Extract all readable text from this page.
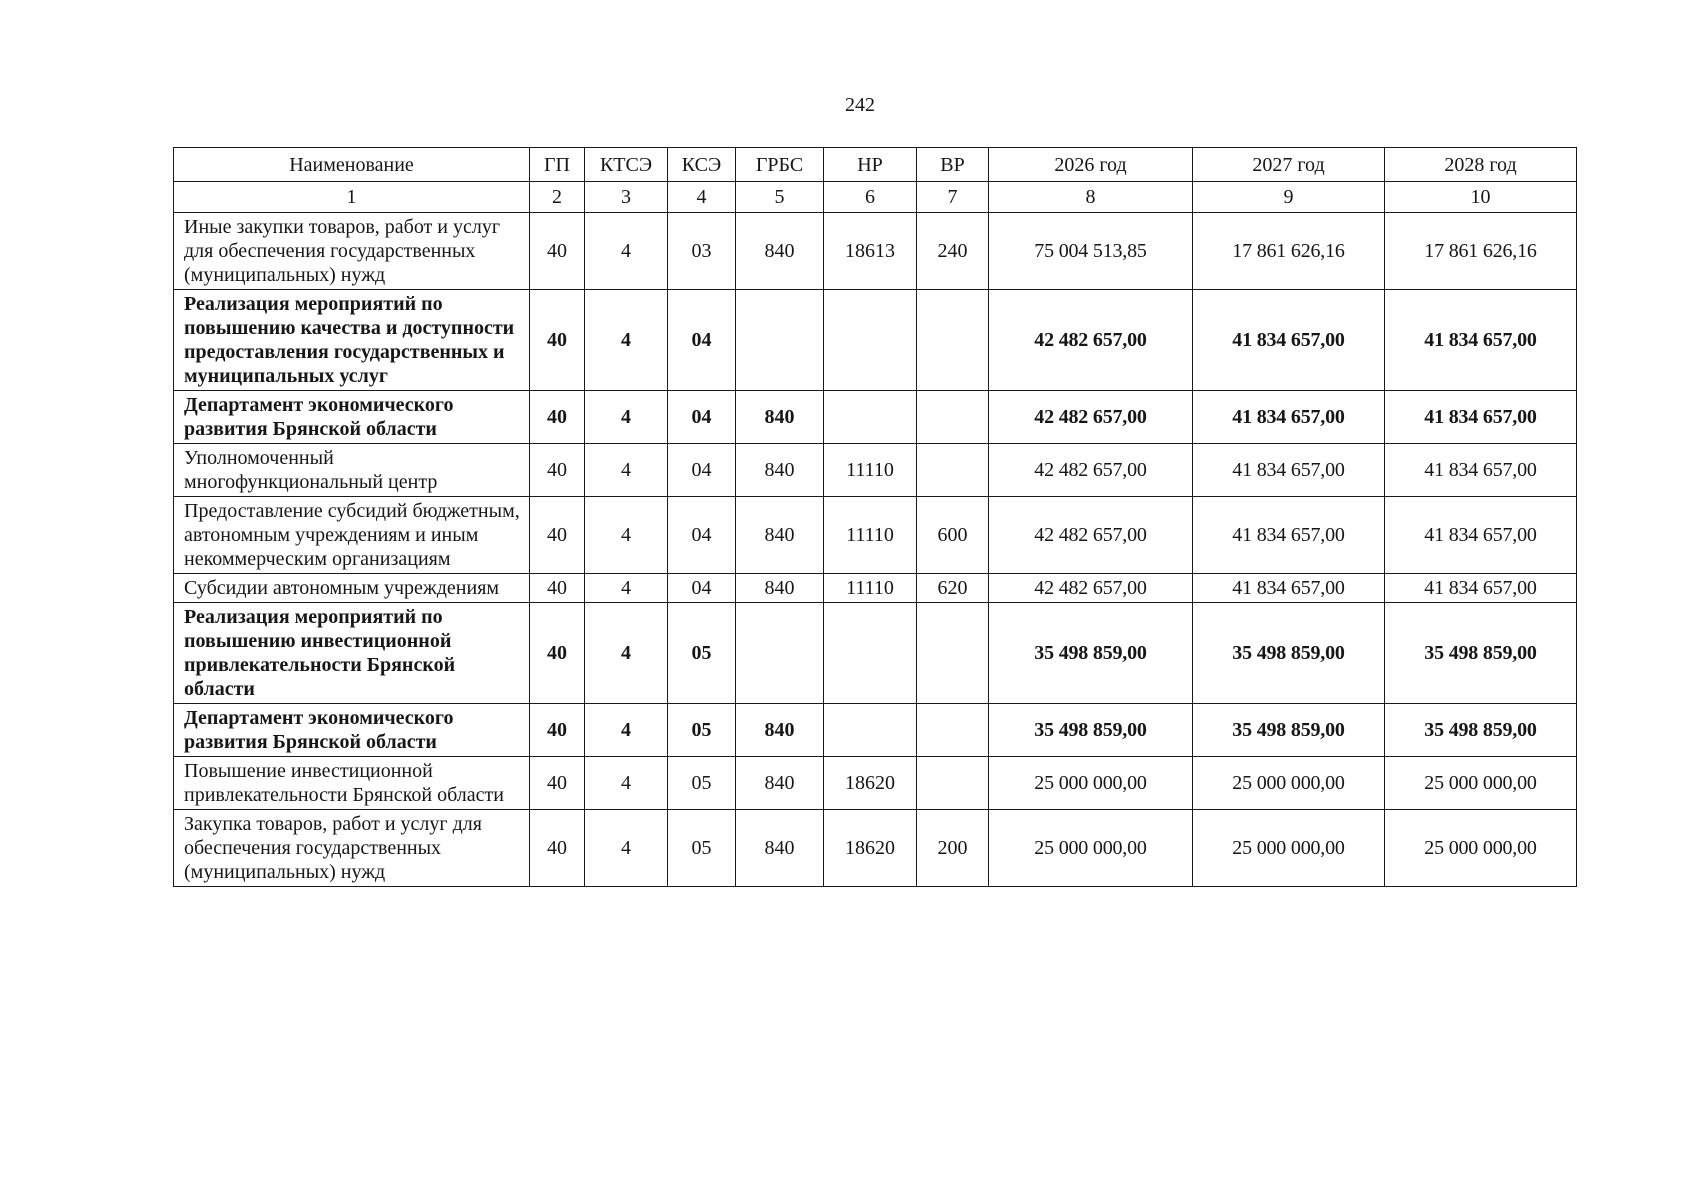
242
Наименование	ГП	КТСЭ	КСЭ	ГРБС	НР	ВР	2026 год	2027 год	2028 год
1	2	3	4	5	6	7	8	9	10
Иные закупки товаров, работ и услуг для обеспечения государственных (муниципальных) нужд	40	4	03	840	18613	240	75 004 513,85	17 861 626,16	17 861 626,16
Реализация мероприятий по повышению качества и доступности предоставления государственных и муниципальных услуг	40	4	04				42 482 657,00	41 834 657,00	41 834 657,00
Департамент экономического развития Брянской области	40	4	04	840			42 482 657,00	41 834 657,00	41 834 657,00
Уполномоченный многофункциональный центр	40	4	04	840	11110		42 482 657,00	41 834 657,00	41 834 657,00
Предоставление субсидий бюджетным, автономным учреждениям и иным некоммерческим организациям	40	4	04	840	11110	600	42 482 657,00	41 834 657,00	41 834 657,00
Субсидии автономным учреждениям	40	4	04	840	11110	620	42 482 657,00	41 834 657,00	41 834 657,00
Реализация мероприятий по повышению инвестиционной привлекательности Брянской области	40	4	05				35 498 859,00	35 498 859,00	35 498 859,00
Департамент экономического развития Брянской области	40	4	05	840			35 498 859,00	35 498 859,00	35 498 859,00
Повышение инвестиционной привлекательности Брянской области	40	4	05	840	18620		25 000 000,00	25 000 000,00	25 000 000,00
Закупка товаров, работ и услуг для обеспечения государственных (муниципальных) нужд	40	4	05	840	18620	200	25 000 000,00	25 000 000,00	25 000 000,00
